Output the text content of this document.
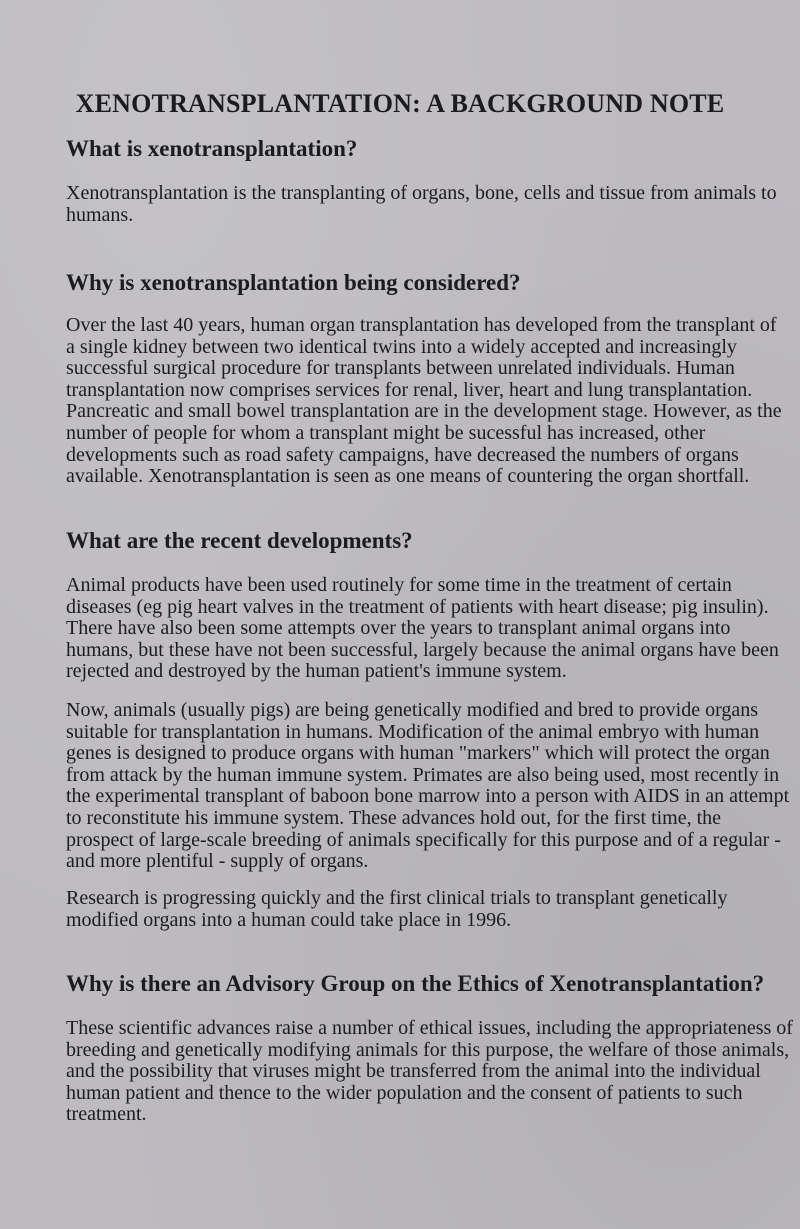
XENOTRANSPLANTATION: A BACKGROUND NOTE
What is xenotransplantation?

Xenotransplantation is the transplanting of organs, bone, cells and tissue from animals to
humans.

Why is xenotransplantation being considered?

Over the last 40 years, human organ transplantation has developed from the transplant of
a single kidney between two identical twins into a widely accepted and increasingly
successful surgical procedure for transplants between unrelated individuals. Human
transplantation now comprises services for renal, liver, heart and lung transplantation.
Pancreatic and small bowel transplantation are in the development stage. However, as the
number of people for whom a transplant might be sucessful has increased, other
developments such as road safety campaigns, have decreased the numbers of organs
available. Xenotransplantation is seen as one means of countering the organ shortfall.

What are the recent developments?

Animal products have been used routinely for some time in the treatment of certain
diseases (eg pig heart valves in the treatment of patients with heart disease; pig insulin).
There have also been some attempts over the years to transplant animal organs into
humans, but these have not been successful, largely because the animal organs have been
rejected and destroyed by the human patient's immune system.

Now, animals (usually pigs) are being genetically modified and bred to provide organs
suitable for transplantation in humans. Modification of the animal embryo with human
genes is designed to produce organs with human "markers" which will protect the organ
from attack by the human immune system. Primates are also being used, most recently in
the experimental transplant of baboon bone marrow into a person with AIDS in an attempt
to reconstitute his immune system. These advances hold out, for the first time, the
prospect of large-scale breeding of animals specifically for this purpose and of a regular -
and more plentiful - supply of organs.

Research is progressing quickly and the first clinical trials to transplant genetically
modified organs into a human could take place in 1996.

Why is there an Advisory Group on the Ethics of Xenotransplantation?

These scientific advances raise a number of ethical issues, including the appropriateness of
breeding and genetically modifying animals for this purpose, the welfare of those animals,
and the possibility that viruses might be transferred from the animal into the individual
human patient and thence to the wider population and the consent of patients to such
treatment.
